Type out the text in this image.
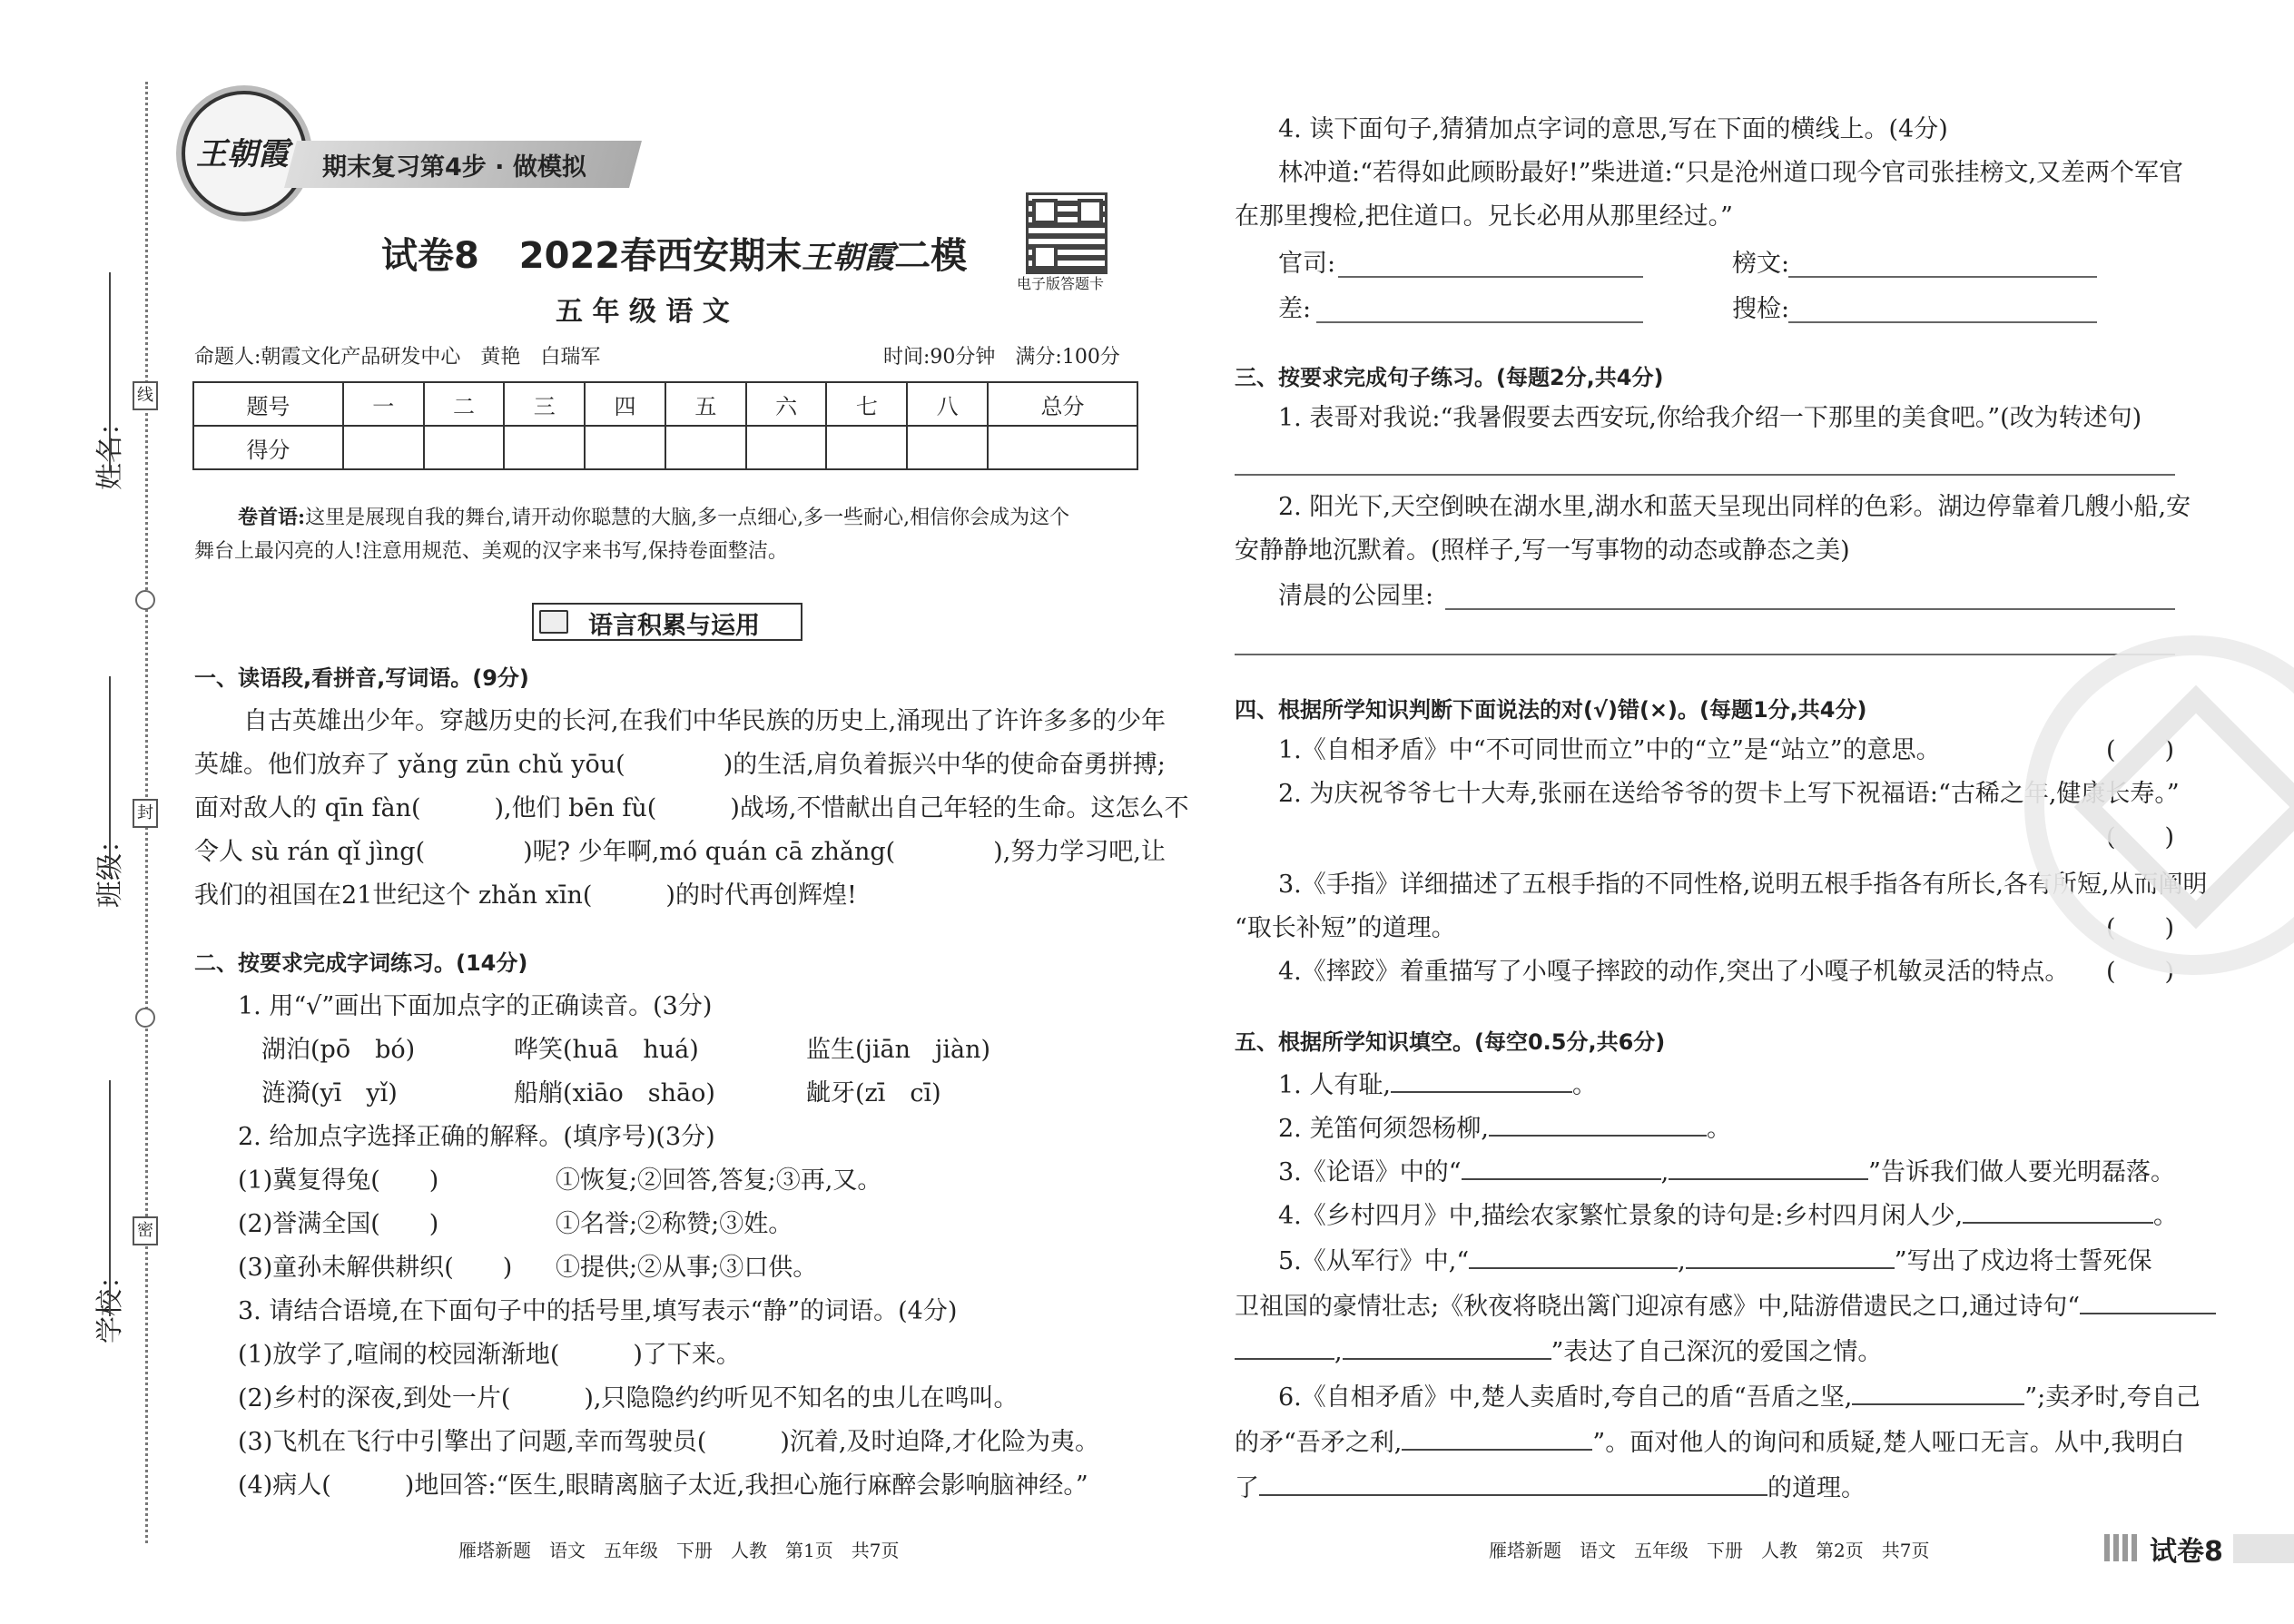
线
封
密
姓名：
班级：
学校：
王朝霞 期末复习第4步 · 做模拟
试卷8 2022春西安期末王朝霞二模
五 年 级 语 文
电子版答题卡
命题人:朝霞文化产品研发中心　黄艳　白瑞军	时间:90分钟　满分:100分
题号	一	二	三	四	五	六	七	八	总分
得分									
卷首语:这里是展现自我的舞台,请开动你聪慧的大脑,多一点细心,多一些耐心,相信你会成为这个
舞台上最闪亮的人!注意用规范、美观的汉字来书写,保持卷面整洁。
语言积累与运用
一、读语段,看拼音,写词语。(9分)
　　自古英雄出少年。穿越历史的长河,在我们中华民族的历史上,涌现出了许许多多的少年
英雄。他们放弃了 yǎng zūn chǔ yōu(　　　　)的生活,肩负着振兴中华的使命奋勇拼搏;
面对敌人的 qīn fàn(　　　),他们 bēn fù(　　　)战场,不惜献出自己年轻的生命。这怎么不
令人 sù rán qǐ jìng(　　　　)呢? 少年啊,mó quán cā zhǎng(　　　　),努力学习吧,让
我们的祖国在21世纪这个 zhǎn xīn(　　　)的时代再创辉煌!
二、按要求完成字词练习。(14分)
1. 用“√”画出下面加点字的正确读音。(3分)
湖泊(pō　bó)	哗笑(huā　huá)	监生(jiān　jiàn)
涟漪(yī　yǐ)	船艄(xiāo　shāo)	龇牙(zī　cī)
2. 给加点字选择正确的解释。(填序号)(3分)
(1)冀复得兔(　　)	①恢复;②回答,答复;③再,又。
(2)誉满全国(　　)	①名誉;②称赞;③姓。
(3)童孙未解供耕织(　　) ①提供;②从事;③口供。
3. 请结合语境,在下面句子中的括号里,填写表示“静”的词语。(4分)
(1)放学了,喧闹的校园渐渐地(　　　)了下来。
(2)乡村的深夜,到处一片(　　　),只隐隐约约听见不知名的虫儿在鸣叫。
(3)飞机在飞行中引擎出了问题,幸而驾驶员(　　　)沉着,及时迫降,才化险为夷。
(4)病人(　　　)地回答:“医生,眼睛离脑子太近,我担心施行麻醉会影响脑神经。”
雁塔新题　语文　五年级　下册　人教　第1页　共7页
4. 读下面句子,猜猜加点字词的意思,写在下面的横线上。(4分)
林冲道:“若得如此顾盼最好!”柴进道:“只是沧州道口现今官司张挂榜文,又差两个军官
在那里搜检,把住道口。兄长必用从那里经过。”
官司:	榜文:
差:	搜检:
三、按要求完成句子练习。(每题2分,共4分)
1. 表哥对我说:“我暑假要去西安玩,你给我介绍一下那里的美食吧。”(改为转述句)
2. 阳光下,天空倒映在湖水里,湖水和蓝天呈现出同样的色彩。湖边停靠着几艘小船,安
安静静地沉默着。(照样子,写一写事物的动态或静态之美)
清晨的公园里:
四、根据所学知识判断下面说法的对(√)错(×)。(每题1分,共4分)
1.《自相矛盾》中“不可同世而立”中的“立”是“站立”的意思。	(　　)
2. 为庆祝爷爷七十大寿,张丽在送给爷爷的贺卡上写下祝福语:“古稀之年,健康长寿。”
(　　)
3.《手指》详细描述了五根手指的不同性格,说明五根手指各有所长,各有所短,从而阐明
“取长补短”的道理。	(　　)
4.《摔跤》着重描写了小嘎子摔跤的动作,突出了小嘎子机敏灵活的特点。 (　　)
五、根据所学知识填空。(每空0.5分,共6分)
1. 人有耻,	。
2. 羌笛何须怨杨柳,	。
3.《论语》中的“	,	”告诉我们做人要光明磊落。
4.《乡村四月》中,描绘农家繁忙景象的诗句是:乡村四月闲人少,	。
5.《从军行》中,“	,	”写出了戍边将士誓死保
卫祖国的豪情壮志;《秋夜将晓出篱门迎凉有感》中,陆游借遗民之口,通过诗句“
,	”表达了自己深沉的爱国之情。
6.《自相矛盾》中,楚人卖盾时,夸自己的盾“吾盾之坚,	”;卖矛时,夸自己
的矛“吾矛之利,	”。面对他人的询问和质疑,楚人哑口无言。从中,我明白
了	的道理。
雁塔新题　语文　五年级　下册　人教　第2页　共7页	试卷8
